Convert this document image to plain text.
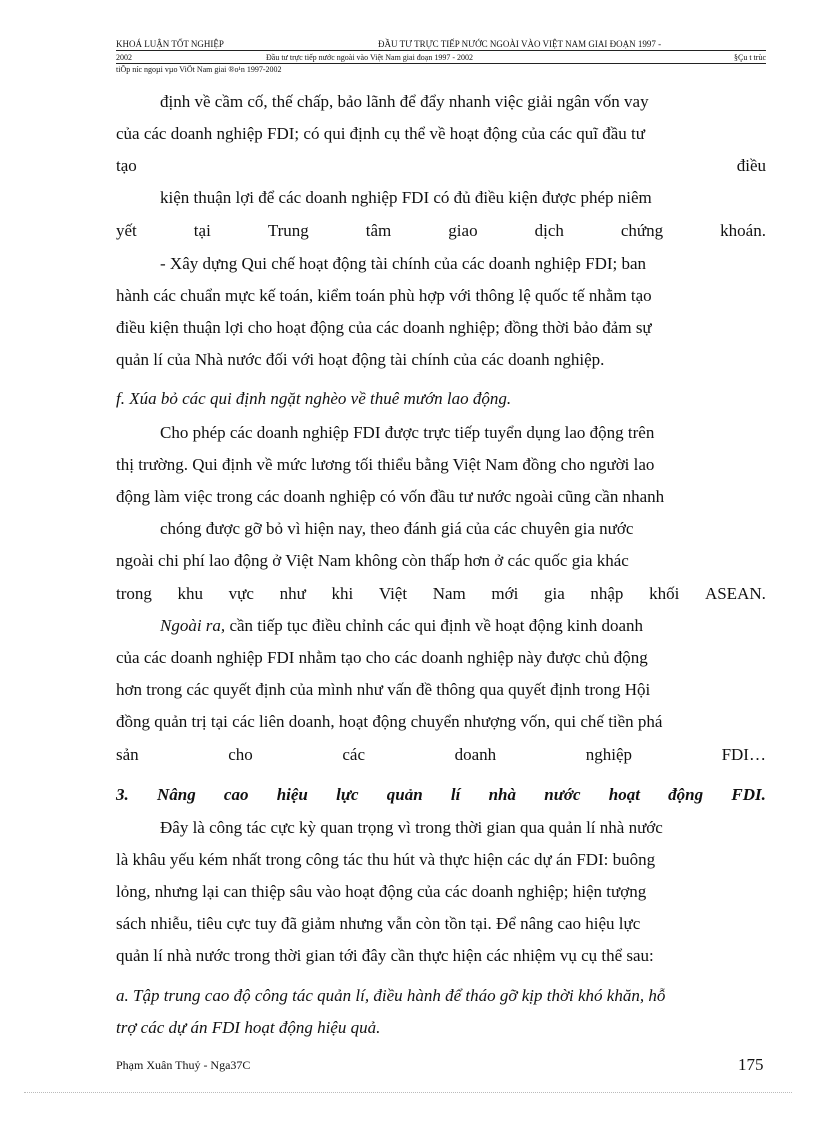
KHOÁ LUẬN TỐT NGHIỆP	ĐẦU TƯ TRỰC TIẾP NƯỚC NGOÀI VÀO VIỆT NAM GIAI ĐOẠN 1997 -
2002	Đầu tư trực tiếp nước ngoài vào Việt Nam giai đoạn 1997 - 2002	§Çu t trùc
tiÕp níc ngoµi vµo ViÖt Nam giai ®o¹n 1997-2002
định về cầm cố, thế chấp, bảo lãnh để đẩy nhanh việc giải ngân vốn vay
của các doanh nghiệp FDI; có qui định cụ thể về hoạt động của các quĩ đầu tư
tạo	điều
kiện thuận lợi để các doanh nghiệp FDI có đủ điều kiện được phép niêm
yết	tại	Trung	tâm	giao	dịch	chứng	khoán.
- Xây dựng Qui chế hoạt động tài chính của các doanh nghiệp FDI; ban
hành các chuẩn mực kế toán, kiểm toán phù hợp với thông lệ quốc tế nhằm tạo
điều kiện thuận lợi cho hoạt động của các doanh nghiệp; đồng thời bảo đảm sự
quản lí của Nhà nước đối với hoạt động tài chính của các doanh nghiệp.
f. Xúa bỏ các qui định ngặt nghèo về thuê mướn lao động.
Cho phép các doanh nghiệp FDI được trực tiếp tuyển dụng lao động trên
thị trường. Qui định về mức lương tối thiểu bằng Việt Nam đồng cho người lao
động làm việc trong các doanh nghiệp có vốn đầu tư nước ngoài cũng cần nhanh
chóng được gỡ bỏ vì hiện nay, theo đánh giá của các chuyên gia nước
ngoài chi phí lao động ở Việt Nam không còn thấp hơn ở các quốc gia khác
trong khu vực như khi Việt Nam mới gia nhập khối ASEAN.
Ngoài ra, cần tiếp tục điều chỉnh các qui định về hoạt động kinh doanh
của các doanh nghiệp FDI nhằm tạo cho các doanh nghiệp này được chủ động
hơn trong các quyết định của mình như vấn đề thông qua quyết định trong Hội
đồng quản trị tại các liên doanh, hoạt động chuyển nhượng vốn, qui chế tiền phá
sản	cho	các	doanh	nghiệp	FDI…
3. Nâng cao hiệu lực quản lí nhà nước hoạt động FDI.
Đây là công tác cực kỳ quan trọng vì trong thời gian qua quản lí nhà nước
là khâu yếu kém nhất trong công tác thu hút và thực hiện các dự án FDI: buông
lỏng, nhưng lại can thiệp sâu vào hoạt động của các doanh nghiệp; hiện tượng
sách nhiễu, tiêu cực tuy đã giảm nhưng vẫn còn tồn tại. Để nâng cao hiệu lực
quản lí nhà nước trong thời gian tới đây cần thực hiện các nhiệm vụ cụ thể sau:
a. Tập trung cao độ công tác quản lí, điều hành để tháo gỡ kịp thời khó khăn, hỗ
trợ các dự án FDI hoạt động hiệu quả.
Phạm Xuân Thuỷ - Nga37C	175
